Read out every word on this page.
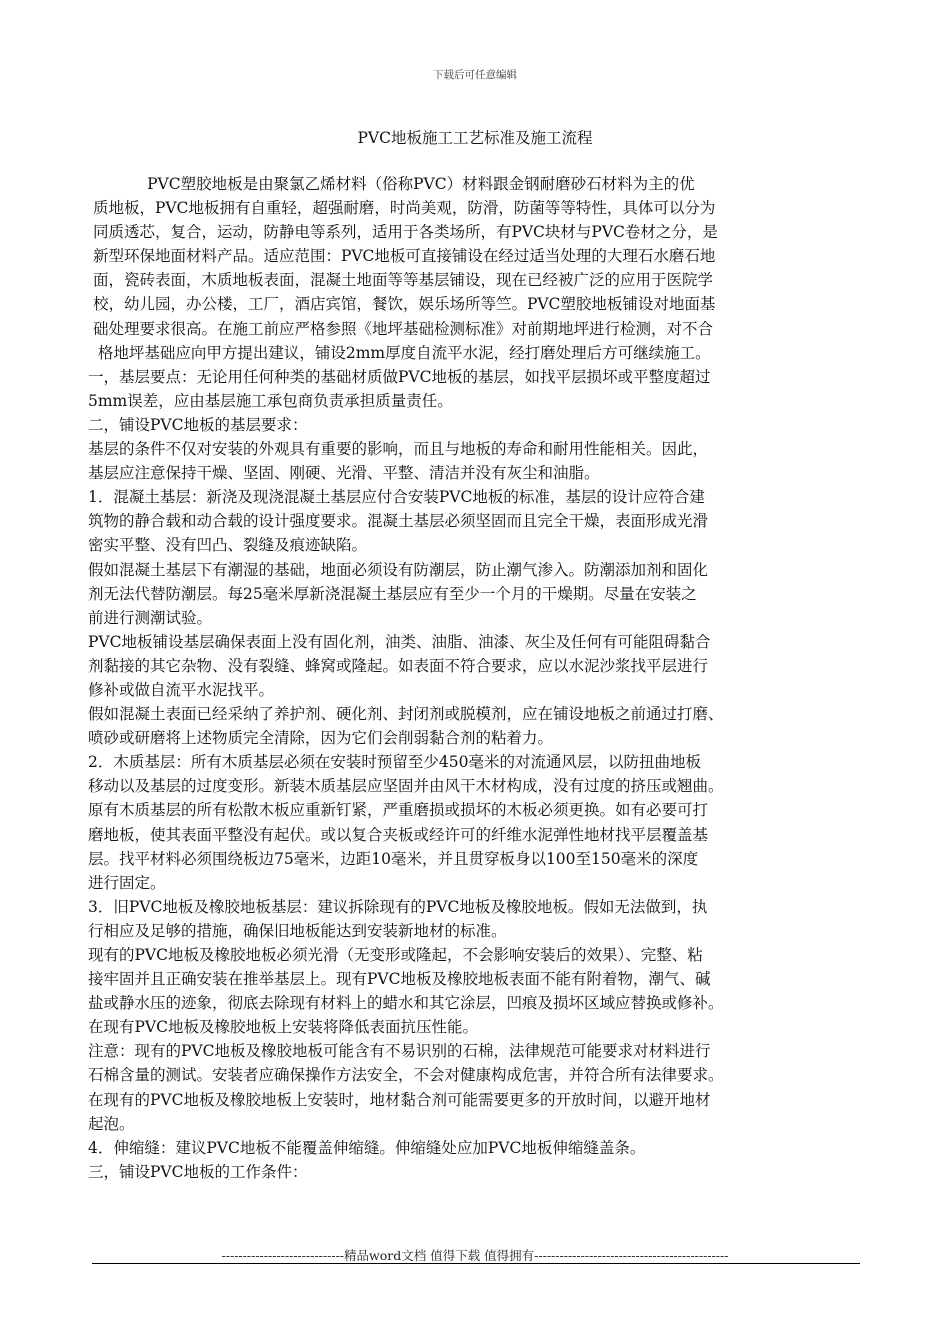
下载后可任意编辑
PVC地板施工工艺标准及施工流程

PVC塑胶地板是由聚氯乙烯材料（俗称PVC）材料跟金钢耐磨砂石材料为主的优
质地板，PVC地板拥有自重轻，超强耐磨，时尚美观，防滑，防菌等等特性，具体可以分为
同质透芯，复合，运动，防静电等系列，适用于各类场所，有PVC块材与PVC卷材之分，是
新型环保地面材料产品。适应范围：PVC地板可直接铺设在经过适当处理的大理石水磨石地
面，瓷砖表面，木质地板表面，混凝土地面等等基层铺设，现在已经被广泛的应用于医院学
校，幼儿园，办公楼，工厂，酒店宾馆，餐饮，娱乐场所等竺。PVC塑胶地板铺设对地面基
础处理要求很高。在施工前应严格参照《地坪基础检测标准》对前期地坪进行检测，对不合
格地坪基础应向甲方提出建议，铺设2mm厚度自流平水泥，经打磨处理后方可继续施工。

一，基层要点：无论用任何种类的基础材质做PVC地板的基层，如找平层损坏或平整度超过
5mm误差，应由基层施工承包商负责承担质量责任。

二，铺设PVC地板的基层要求：

基层的条件不仅对安装的外观具有重要的影响，而且与地板的寿命和耐用性能相关。因此，
基层应注意保持干燥、坚固、刚硬、光滑、平整、清洁并没有灰尘和油脂。

1．混凝土基层：新浇及现浇混凝土基层应付合安装PVC地板的标准，基层的设计应符合建
筑物的静合载和动合载的设计强度要求。混凝土基层必须坚固而且完全干燥，表面形成光滑
密实平整、没有凹凸、裂缝及痕迹缺陷。

假如混凝土基层下有潮湿的基础，地面必须设有防潮层，防止潮气渗入。防潮添加剂和固化
剂无法代替防潮层。每25毫米厚新浇混凝土基层应有至少一个月的干燥期。尽量在安装之
前进行测潮试验。

PVC地板铺设基层确保表面上没有固化剂，油类、油脂、油漆、灰尘及任何有可能阻碍黏合
剂黏接的其它杂物、没有裂缝、蜂窝或隆起。如表面不符合要求，应以水泥沙浆找平层进行
修补或做自流平水泥找平。

假如混凝土表面已经采纳了养护剂、硬化剂、封闭剂或脱模剂，应在铺设地板之前通过打磨、
喷砂或研磨将上述物质完全清除，因为它们会削弱黏合剂的粘着力。

2．木质基层：所有木质基层必须在安装时预留至少450毫米的对流通风层，以防扭曲地板
移动以及基层的过度变形。新装木质基层应坚固并由风干木材构成，没有过度的挤压或翘曲。
原有木质基层的所有松散木板应重新钉紧，严重磨损或损坏的木板必须更换。如有必要可打
磨地板，使其表面平整没有起伏。或以复合夹板或经许可的纤维水泥弹性地材找平层覆盖基
层。找平材料必须围绕板边75毫米，边距10毫米，并且贯穿板身以100至150毫米的深度
进行固定。

3．旧PVC地板及橡胶地板基层：建议拆除现有的PVC地板及橡胶地板。假如无法做到，执
行相应及足够的措施，确保旧地板能达到安装新地材的标准。

现有的PVC地板及橡胶地板必须光滑（无变形或隆起，不会影响安装后的效果）、完整、粘
接牢固并且正确安装在推举基层上。现有PVC地板及橡胶地板表面不能有附着物，潮气、碱
盐或静水压的迹象，彻底去除现有材料上的蜡水和其它涂层，凹痕及损坏区域应替换或修补。
在现有PVC地板及橡胶地板上安装将降低表面抗压性能。

注意：现有的PVC地板及橡胶地板可能含有不易识别的石棉，法律规范可能要求对材料进行
石棉含量的测试。安装者应确保操作方法安全，不会对健康构成危害，并符合所有法律要求。
在现有的PVC地板及橡胶地板上安装时，地材黏合剂可能需要更多的开放时间，以避开地材
起泡。

4．伸缩缝：建议PVC地板不能覆盖伸缩缝。伸缩缝处应加PVC地板伸缩缝盖条。

三，铺设PVC地板的工作条件：

-----------------------------精品word文档 值得下载 值得拥有----------------------------------------------
